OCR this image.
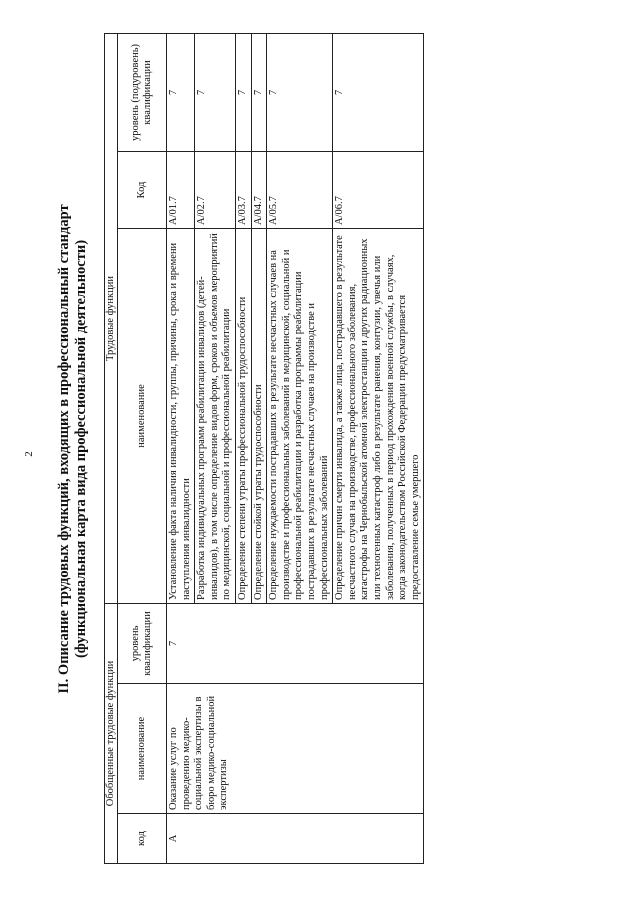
2 II. Описание трудовых функций, входящих в профессиональный стандарт (функциональная карта вида профессиональной деятельности)
Обобщенные трудовые функции			Трудовые функции		
код	наименование	уровень квалификации	наименование	Код	уровень (подуровень) квалификации
А	Оказание услуг по проведению медико-социальной экспертизы в бюро медико-социальной экспертизы	7	Установление факта наличия инвалидности, группы, причины, срока и времени наступления инвалидности	A/01.7	7
			Разработка индивидуальных программ реабилитации инвалидов (детей-инвалидов), в том числе определение видов форм, сроков и объемов мероприятий по медицинской, социальной и профессиональной реабилитации	A/02.7	7
			Определение степени утраты профессиональной трудоспособности	A/03.7	7
			Определение стойкой утраты трудоспособности	A/04.7	7
			Определение нуждаемости пострадавших в результате несчастных случаев на производстве и профессиональных заболеваний в медицинской, социальной и профессиональной реабилитации и разработка программы реабилитации пострадавших в результате несчастных случаев на производстве и профессиональных заболеваний	A/05.7	7
			Определение причин смерти инвалида, а также лица, пострадавшего в результате несчастного случая на производстве, профессионального заболевания, катастрофы на Чернобыльской атомной электростанции и других радиационных или техногенных катастроф либо в результате ранения, контузии, увечья или заболевания, полученных в период прохождения военной службы, в случаях, когда законодательством Российской Федерации предусматривается предоставление семье умершего	A/06.7	7
